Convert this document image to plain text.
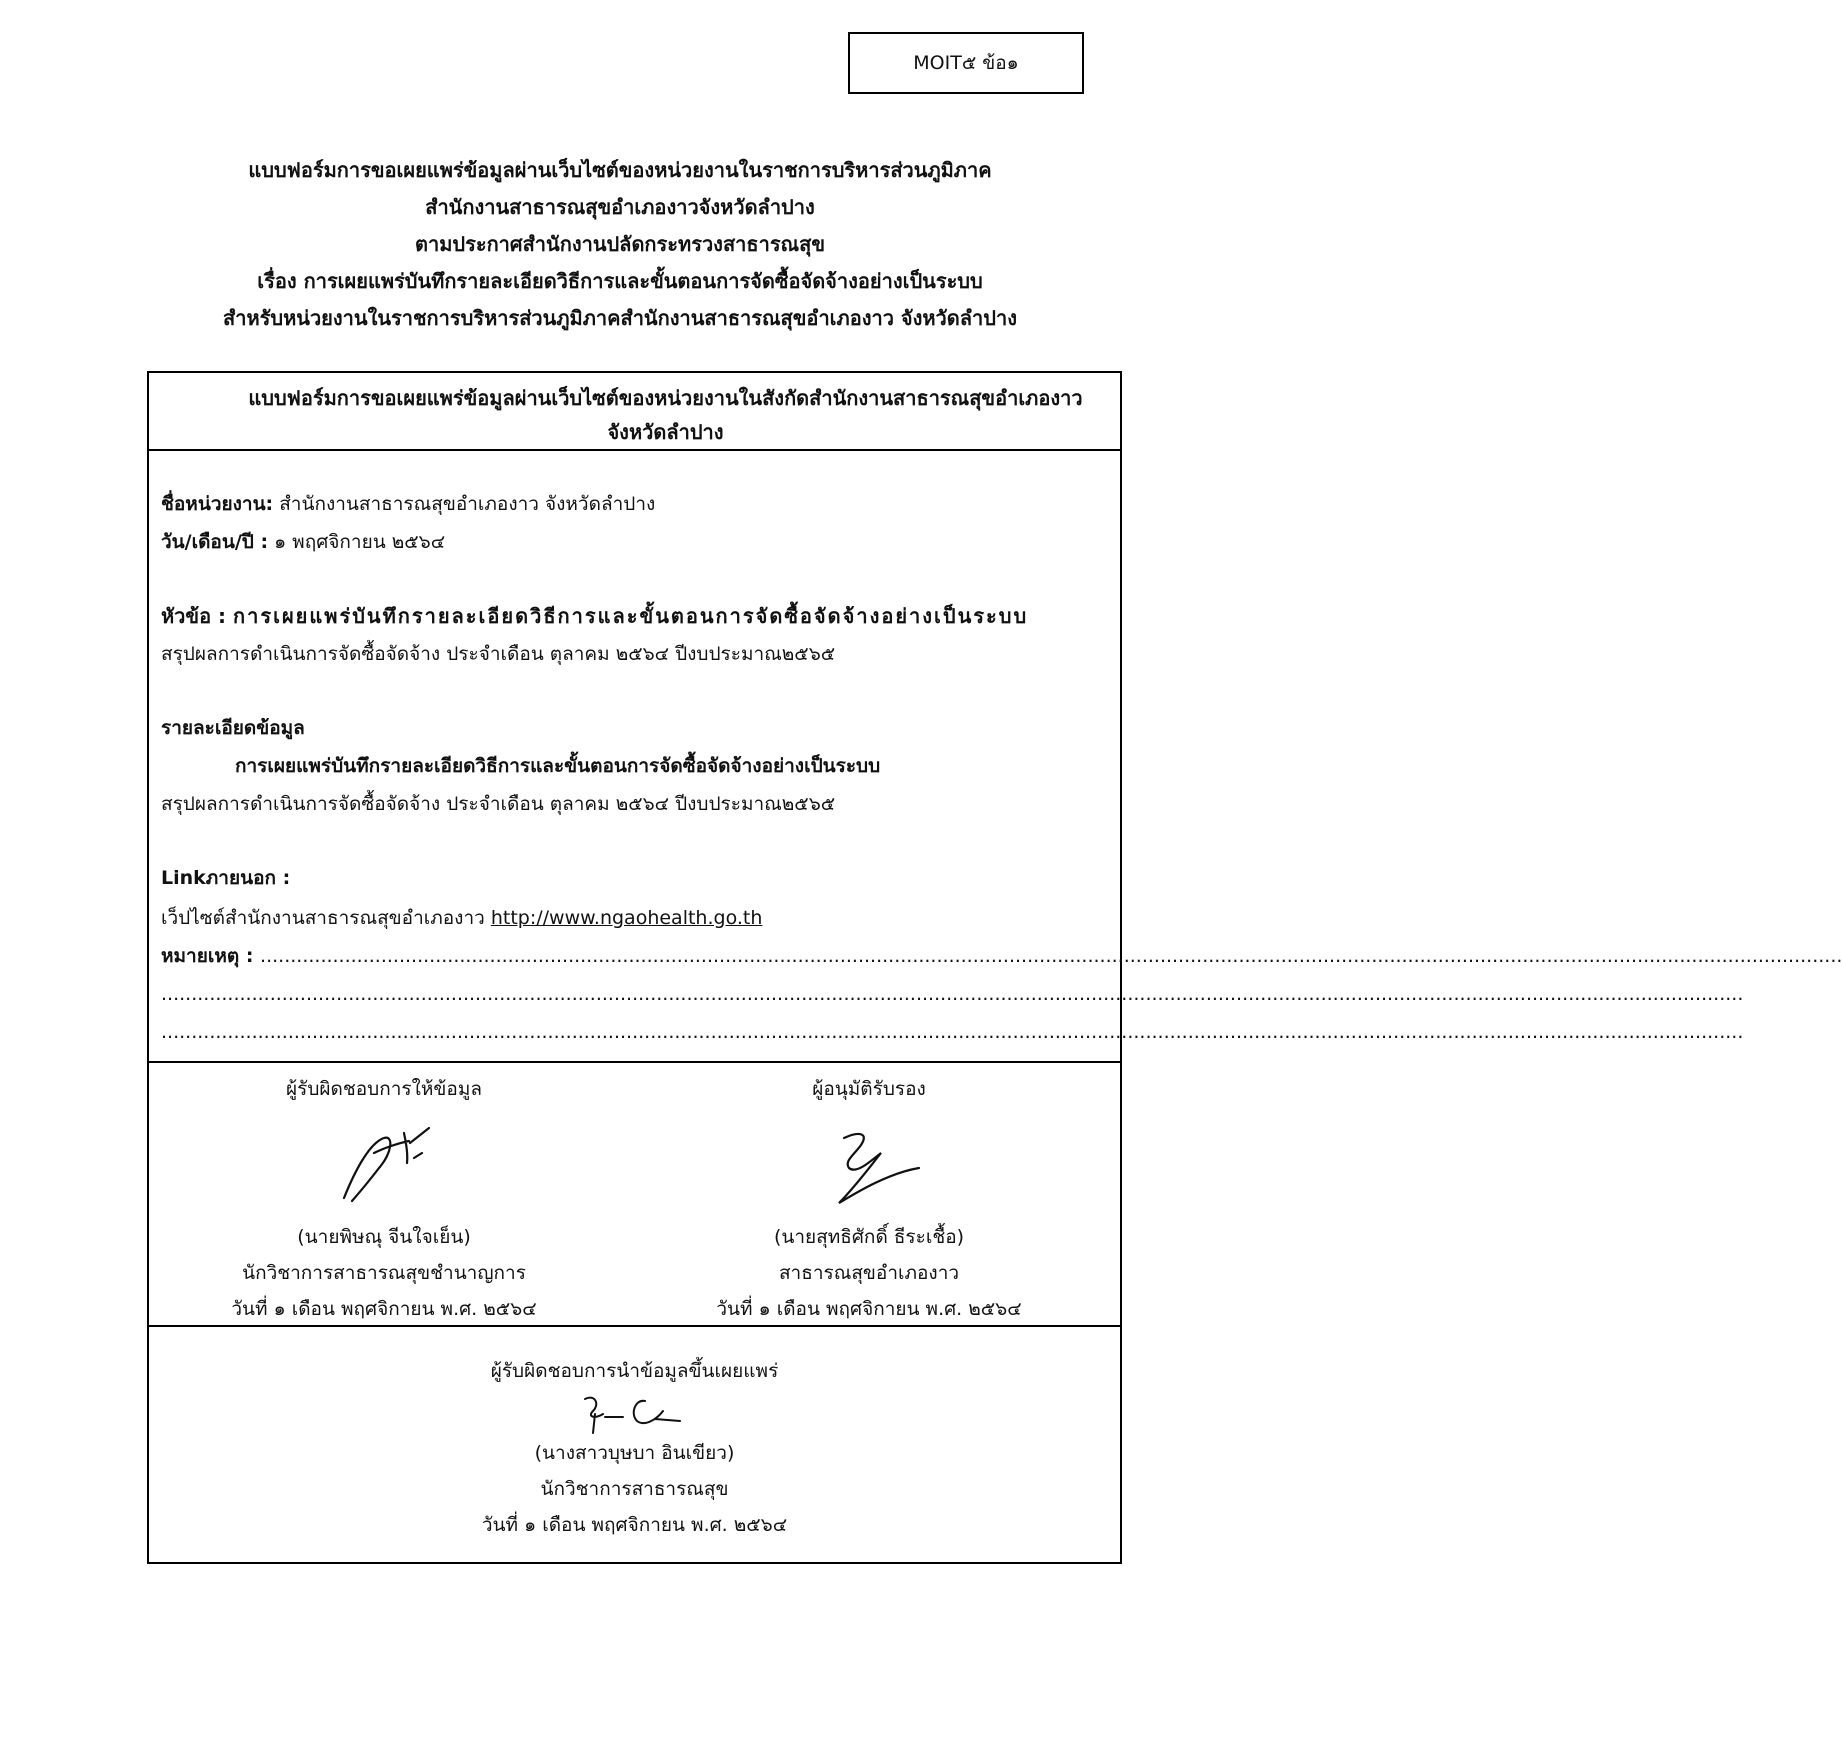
MOIT๕ ข้อ๑
แบบฟอร์มการขอเผยแพร่ข้อมูลผ่านเว็บไซต์ของหน่วยงานในราชการบริหารส่วนภูมิภาค
สำนักงานสาธารณสุขอำเภองาวจังหวัดลำปาง
ตามประกาศสำนักงานปลัดกระทรวงสาธารณสุข
เรื่อง การเผยแพร่บันทึกรายละเอียดวิธีการและขั้นตอนการจัดซื้อจัดจ้างอย่างเป็นระบบ
สำหรับหน่วยงานในราชการบริหารส่วนภูมิภาคสำนักงานสาธารณสุขอำเภองาว จังหวัดลำปาง
แบบฟอร์มการขอเผยแพร่ข้อมูลผ่านเว็บไซต์ของหน่วยงานในสังกัดสำนักงานสาธารณสุขอำเภองาว
จังหวัดลำปาง
ชื่อหน่วยงาน: สำนักงานสาธารณสุขอำเภองาว จังหวัดลำปาง
วัน/เดือน/ปี : ๑ พฤศจิกายน ๒๕๖๔
หัวข้อ : การเผยแพร่บันทึกรายละเอียดวิธีการและขั้นตอนการจัดซื้อจัดจ้างอย่างเป็นระบบ
สรุปผลการดำเนินการจัดซื้อจัดจ้าง ประจำเดือน ตุลาคม ๒๕๖๔ ปีงบประมาณ๒๕๖๕
รายละเอียดข้อมูล
การเผยแพร่บันทึกรายละเอียดวิธีการและขั้นตอนการจัดซื้อจัดจ้างอย่างเป็นระบบ
สรุปผลการดำเนินการจัดซื้อจัดจ้าง ประจำเดือน ตุลาคม ๒๕๖๔ ปีงบประมาณ๒๕๖๕
Linkภายนอก :
เว็ปไซต์สำนักงานสาธารณสุขอำเภองาว http://www.ngaohealth.go.th
หมายเหตุ : ......................................................................................................................................................................................................................................................................
......................................................................................................................................................................................................................................................................
......................................................................................................................................................................................................................................................................
ผู้รับผิดชอบการให้ข้อมูล
(นายพิษณุ จีนใจเย็น)
นักวิชาการสาธารณสุขชำนาญการ
วันที่ ๑ เดือน พฤศจิกายน พ.ศ. ๒๕๖๔
ผู้อนุมัติรับรอง
(นายสุทธิศักดิ์ ธีระเชื้อ)
สาธารณสุขอำเภองาว
วันที่ ๑ เดือน พฤศจิกายน พ.ศ. ๒๕๖๔
ผู้รับผิดชอบการนำข้อมูลขึ้นเผยแพร่
(นางสาวบุษบา อินเขียว)
นักวิชาการสาธารณสุข
วันที่ ๑ เดือน พฤศจิกายน พ.ศ. ๒๕๖๔
